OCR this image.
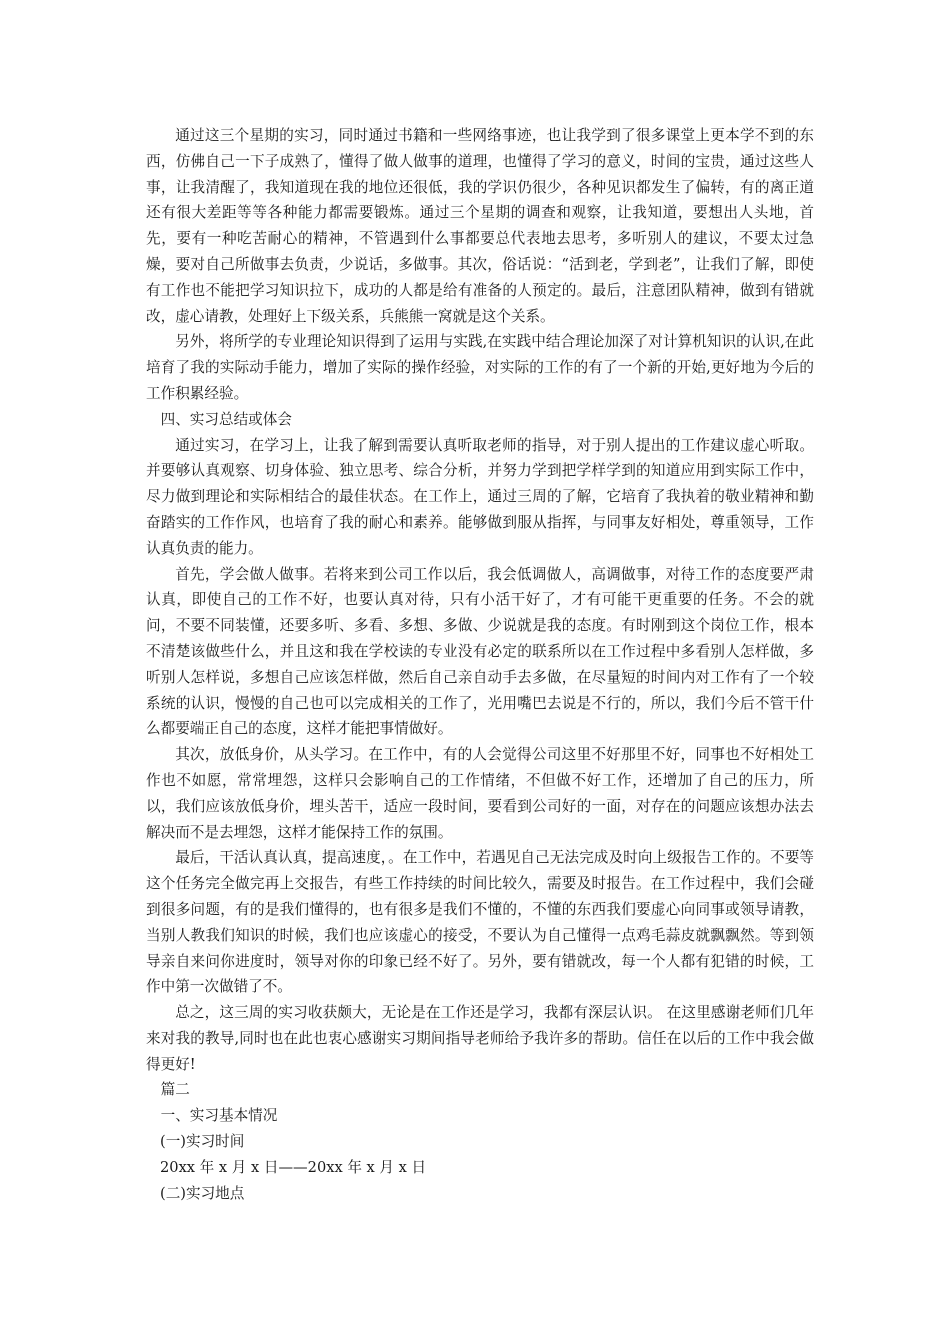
通过这三个星期的实习，同时通过书籍和一些网络事迹，也让我学到了很多课堂上更本学不到的东西，仿佛自己一下子成熟了，懂得了做人做事的道理，也懂得了学习的意义，时间的宝贵，通过这些人事，让我清醒了，我知道现在我的地位还很低，我的学识仍很少，各种见识都发生了偏转，有的离正道还有很大差距等等各种能力都需要锻炼。通过三个星期的调查和观察，让我知道，要想出人头地，首先，要有一种吃苦耐心的精神，不管遇到什么事都要总代表地去思考，多听别人的建议，不要太过急燥，要对自己所做事去负责，少说话，多做事。其次，俗话说：“活到老，学到老”，让我们了解，即使有工作也不能把学习知识拉下，成功的人都是给有准备的人预定的。最后，注意团队精神，做到有错就改，虚心请教，处理好上下级关系，兵熊熊一窝就是这个关系。

另外，将所学的专业理论知识得到了运用与实践,在实践中结合理论加深了对计算机知识的认识,在此培育了我的实际动手能力，增加了实际的操作经验，对实际的工作的有了一个新的开始,更好地为今后的工作积累经验。

四、实习总结或体会

通过实习，在学习上，让我了解到需要认真听取老师的指导，对于别人提出的工作建议虚心听取。并要够认真观察、切身体验、独立思考、综合分析，并努力学到把学样学到的知道应用到实际工作中，尽力做到理论和实际相结合的最佳状态。在工作上，通过三周的了解，它培育了我执着的敬业精神和勤奋踏实的工作作风，也培育了我的耐心和素养。能够做到服从指挥，与同事友好相处，尊重领导，工作认真负责的能力。

首先，学会做人做事。若将来到公司工作以后，我会低调做人，高调做事，对待工作的态度要严肃认真，即使自己的工作不好，也要认真对待，只有小活干好了，才有可能干更重要的任务。不会的就问，不要不同装懂，还要多听、多看、多想、多做、少说就是我的态度。有时刚到这个岗位工作，根本不清楚该做些什么，并且这和我在学校读的专业没有必定的联系所以在工作过程中多看别人怎样做，多听别人怎样说，多想自己应该怎样做，然后自己亲自动手去多做，在尽量短的时间内对工作有了一个较系统的认识，慢慢的自己也可以完成相关的工作了，光用嘴巴去说是不行的，所以，我们今后不管干什么都要端正自己的态度，这样才能把事情做好。

其次，放低身价，从头学习。在工作中，有的人会觉得公司这里不好那里不好，同事也不好相处工作也不如愿，常常埋怨，这样只会影响自己的工作情绪，不但做不好工作，还增加了自己的压力，所以，我们应该放低身价，埋头苦干，适应一段时间，要看到公司好的一面，对存在的问题应该想办法去解决而不是去埋怨，这样才能保持工作的氛围。

最后，干活认真认真，提高速度，。在工作中，若遇见自己无法完成及时向上级报告工作的。不要等这个任务完全做完再上交报告，有些工作持续的时间比较久，需要及时报告。在工作过程中，我们会碰到很多问题，有的是我们懂得的，也有很多是我们不懂的，不懂的东西我们要虚心向同事或领导请教，当别人教我们知识的时候，我们也应该虚心的接受，不要认为自己懂得一点鸡毛蒜皮就飘飘然。等到领导亲自来问你进度时，领导对你的印象已经不好了。另外，要有错就改，每一个人都有犯错的时候，工作中第一次做错了不。

总之，这三周的实习收获颇大，无论是在工作还是学习，我都有深层认识。 在这里感谢老师们几年来对我的教导,同时也在此也衷心感谢实习期间指导老师给予我许多的帮助。信任在以后的工作中我会做得更好!

篇二

一、实习基本情况

(一)实习时间

20xx 年 x 月 x 日——20xx 年 x 月 x 日

(二)实习地点
